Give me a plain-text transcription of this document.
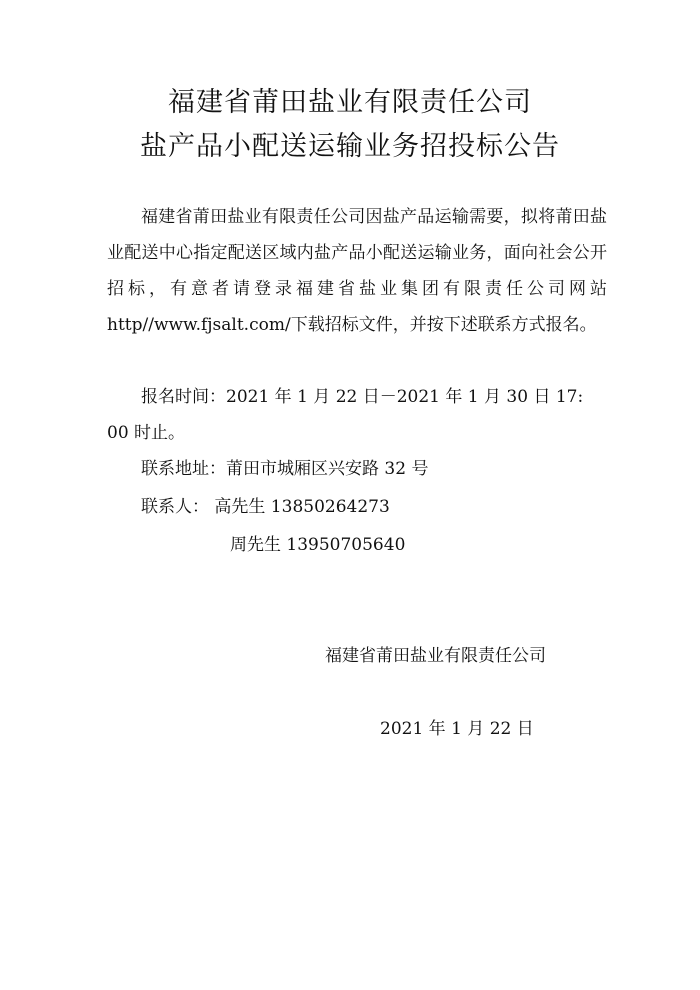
福建省莆田盐业有限责任公司
盐产品小配送运输业务招投标公告

福建省莆田盐业有限责任公司因盐产品运输需要，拟将莆田盐业配送中心指定配送区域内盐产品小配送运输业务，面向社会公开招标，有意者请登录福建省盐业集团有限责任公司网站http//www.fjsalt.com/下载招标文件，并按下述联系方式报名。

报名时间：2021 年 1 月 22 日－2021 年 1 月 30 日 17:

00 时止。

联系地址：莆田市城厢区兴安路 32 号

联系人： 高先生 13850264273

周先生 13950705640

福建省莆田盐业有限责任公司

2021 年 1 月 22 日
